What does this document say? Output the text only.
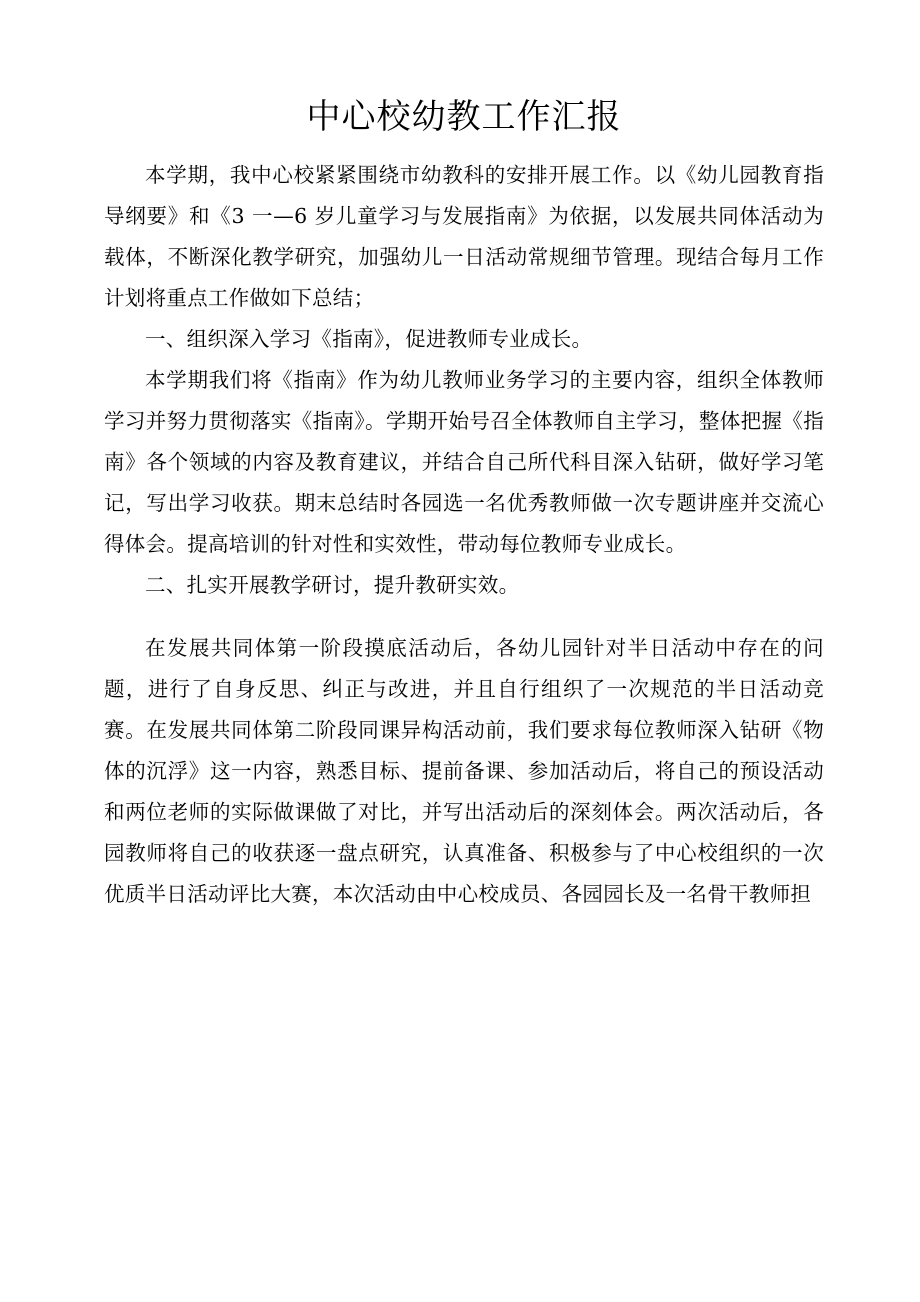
中心校幼教工作汇报

本学期，我中心校紧紧围绕市幼教科的安排开展工作。以《幼儿园教育指导纲要》和《3 一—6 岁儿童学习与发展指南》为依据，以发展共同体活动为载体，不断深化教学研究，加强幼儿一日活动常规细节管理。现结合每月工作计划将重点工作做如下总结；

一、组织深入学习《指南》，促进教师专业成长。

本学期我们将《指南》作为幼儿教师业务学习的主要内容，组织全体教师学习并努力贯彻落实《指南》。学期开始号召全体教师自主学习，整体把握《指南》各个领域的内容及教育建议，并结合自己所代科目深入钻研，做好学习笔记，写出学习收获。期末总结时各园选一名优秀教师做一次专题讲座并交流心得体会。提高培训的针对性和实效性，带动每位教师专业成长。

二、扎实开展教学研讨，提升教研实效。

在发展共同体第一阶段摸底活动后，各幼儿园针对半日活动中存在的问题，进行了自身反思、纠正与改进，并且自行组织了一次规范的半日活动竞赛。在发展共同体第二阶段同课异构活动前，我们要求每位教师深入钻研《物体的沉浮》这一内容，熟悉目标、提前备课、参加活动后，将自己的预设活动和两位老师的实际做课做了对比，并写出活动后的深刻体会。两次活动后，各园教师将自己的收获逐一盘点研究，认真准备、积极参与了中心校组织的一次优质半日活动评比大赛，本次活动由中心校成员、各园园长及一名骨干教师担
